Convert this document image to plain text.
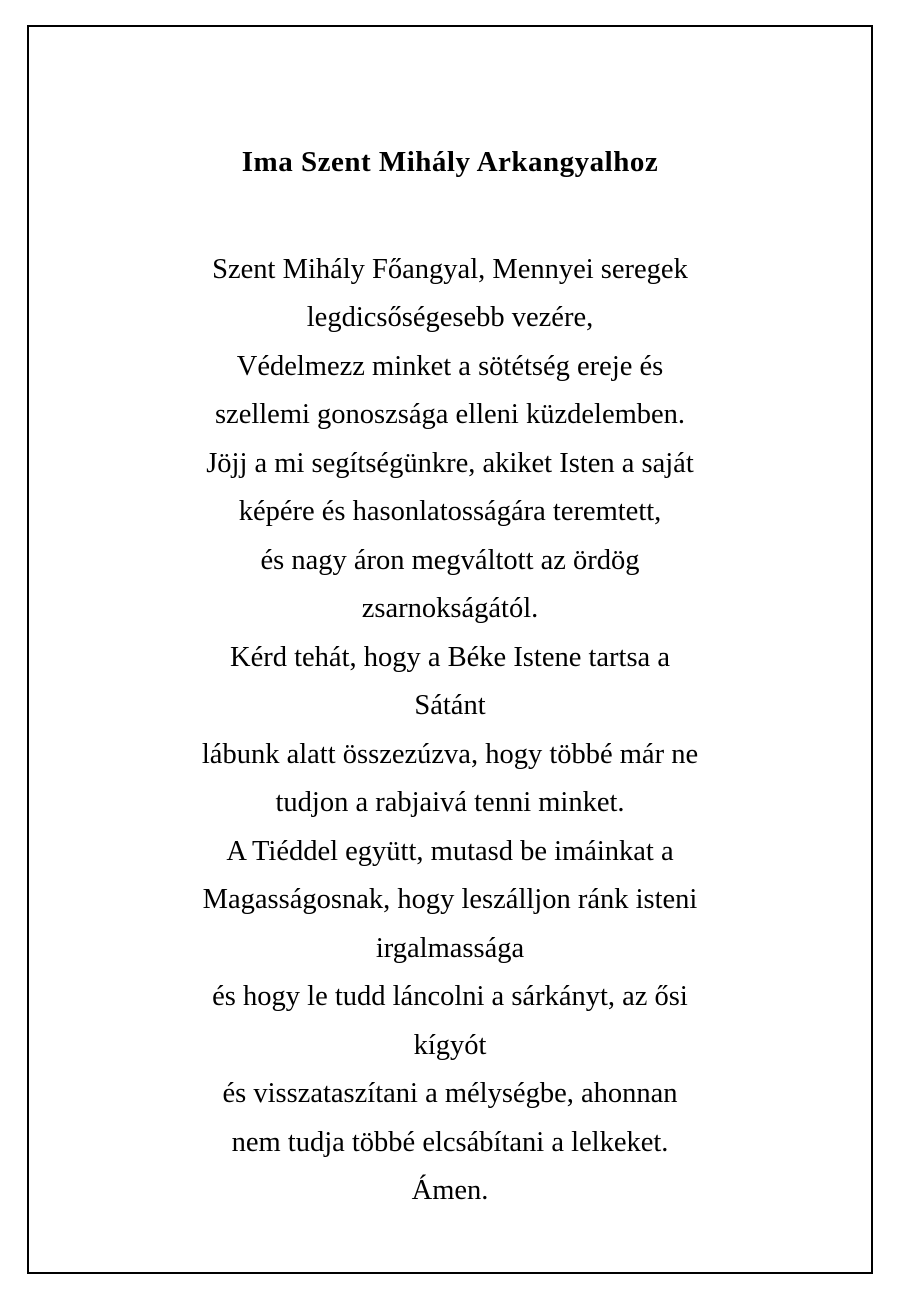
Ima Szent Mihály Arkangyalhoz
Szent Mihály Főangyal, Mennyei seregek
legdicsőségesebb vezére,
Védelmezz minket a sötétség ereje és
szellemi gonoszsága elleni küzdelemben.
Jöjj a mi segítségünkre, akiket Isten a saját
képére és hasonlatosságára teremtett,
és nagy áron megváltott az ördög
zsarnokságától.
Kérd tehát, hogy a Béke Istene tartsa a
Sátánt
lábunk alatt összezúzva, hogy többé már ne
tudjon a rabjaivá tenni minket.
A Tiéddel együtt, mutasd be imáinkat a
Magasságosnak, hogy leszálljon ránk isteni
irgalmassága
és hogy le tudd láncolni a sárkányt, az ősi
kígyót
és visszataszítani a mélységbe, ahonnan
nem tudja többé elcsábítani a lelkeket.
Ámen.
